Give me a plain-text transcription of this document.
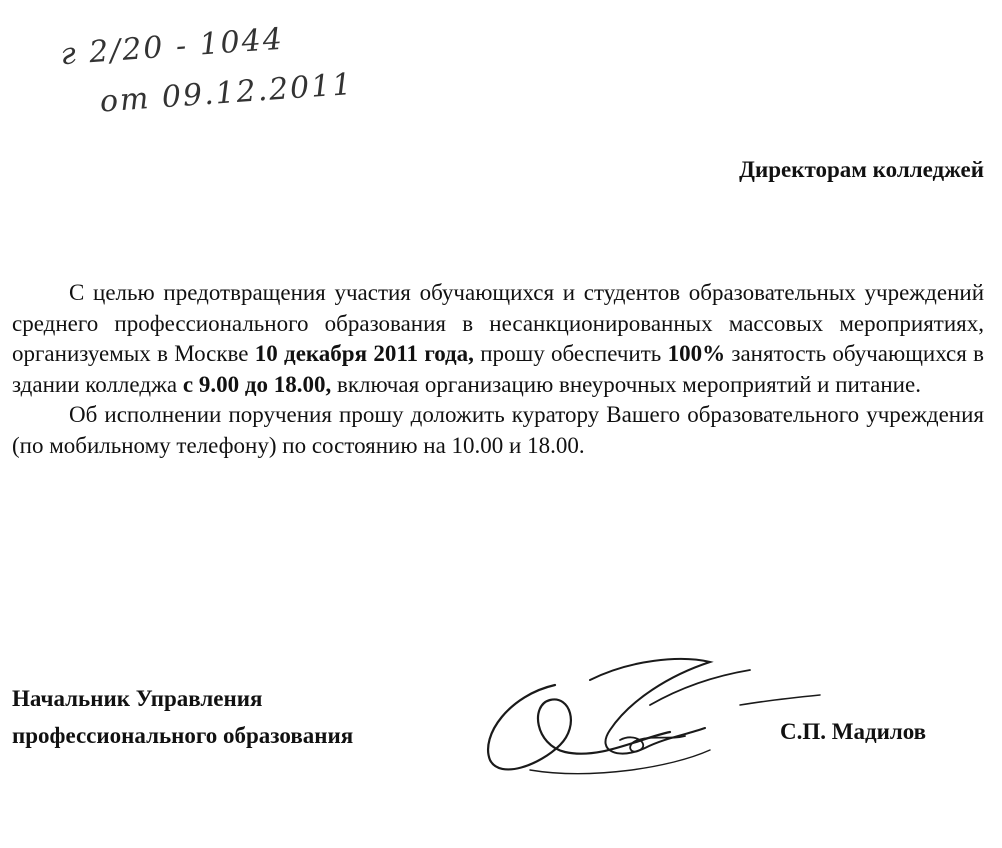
г 2/20 - 1044
от 09.12.2011
Директорам колледжей

С целью предотвращения участия обучающихся и студентов образовательных учреждений среднего профессионального образования в несанкционированных массовых мероприятиях, организуемых в Москве 10 декабря 2011 года, прошу обеспечить 100% занятость обучающихся в здании колледжа с 9.00 до 18.00, включая организацию внеурочных мероприятий и питание.

Об исполнении поручения прошу доложить куратору Вашего образовательного учреждения (по мобильному телефону) по состоянию на 10.00 и 18.00.

Начальник Управления
профессионального образования	С.П. Мадилов
